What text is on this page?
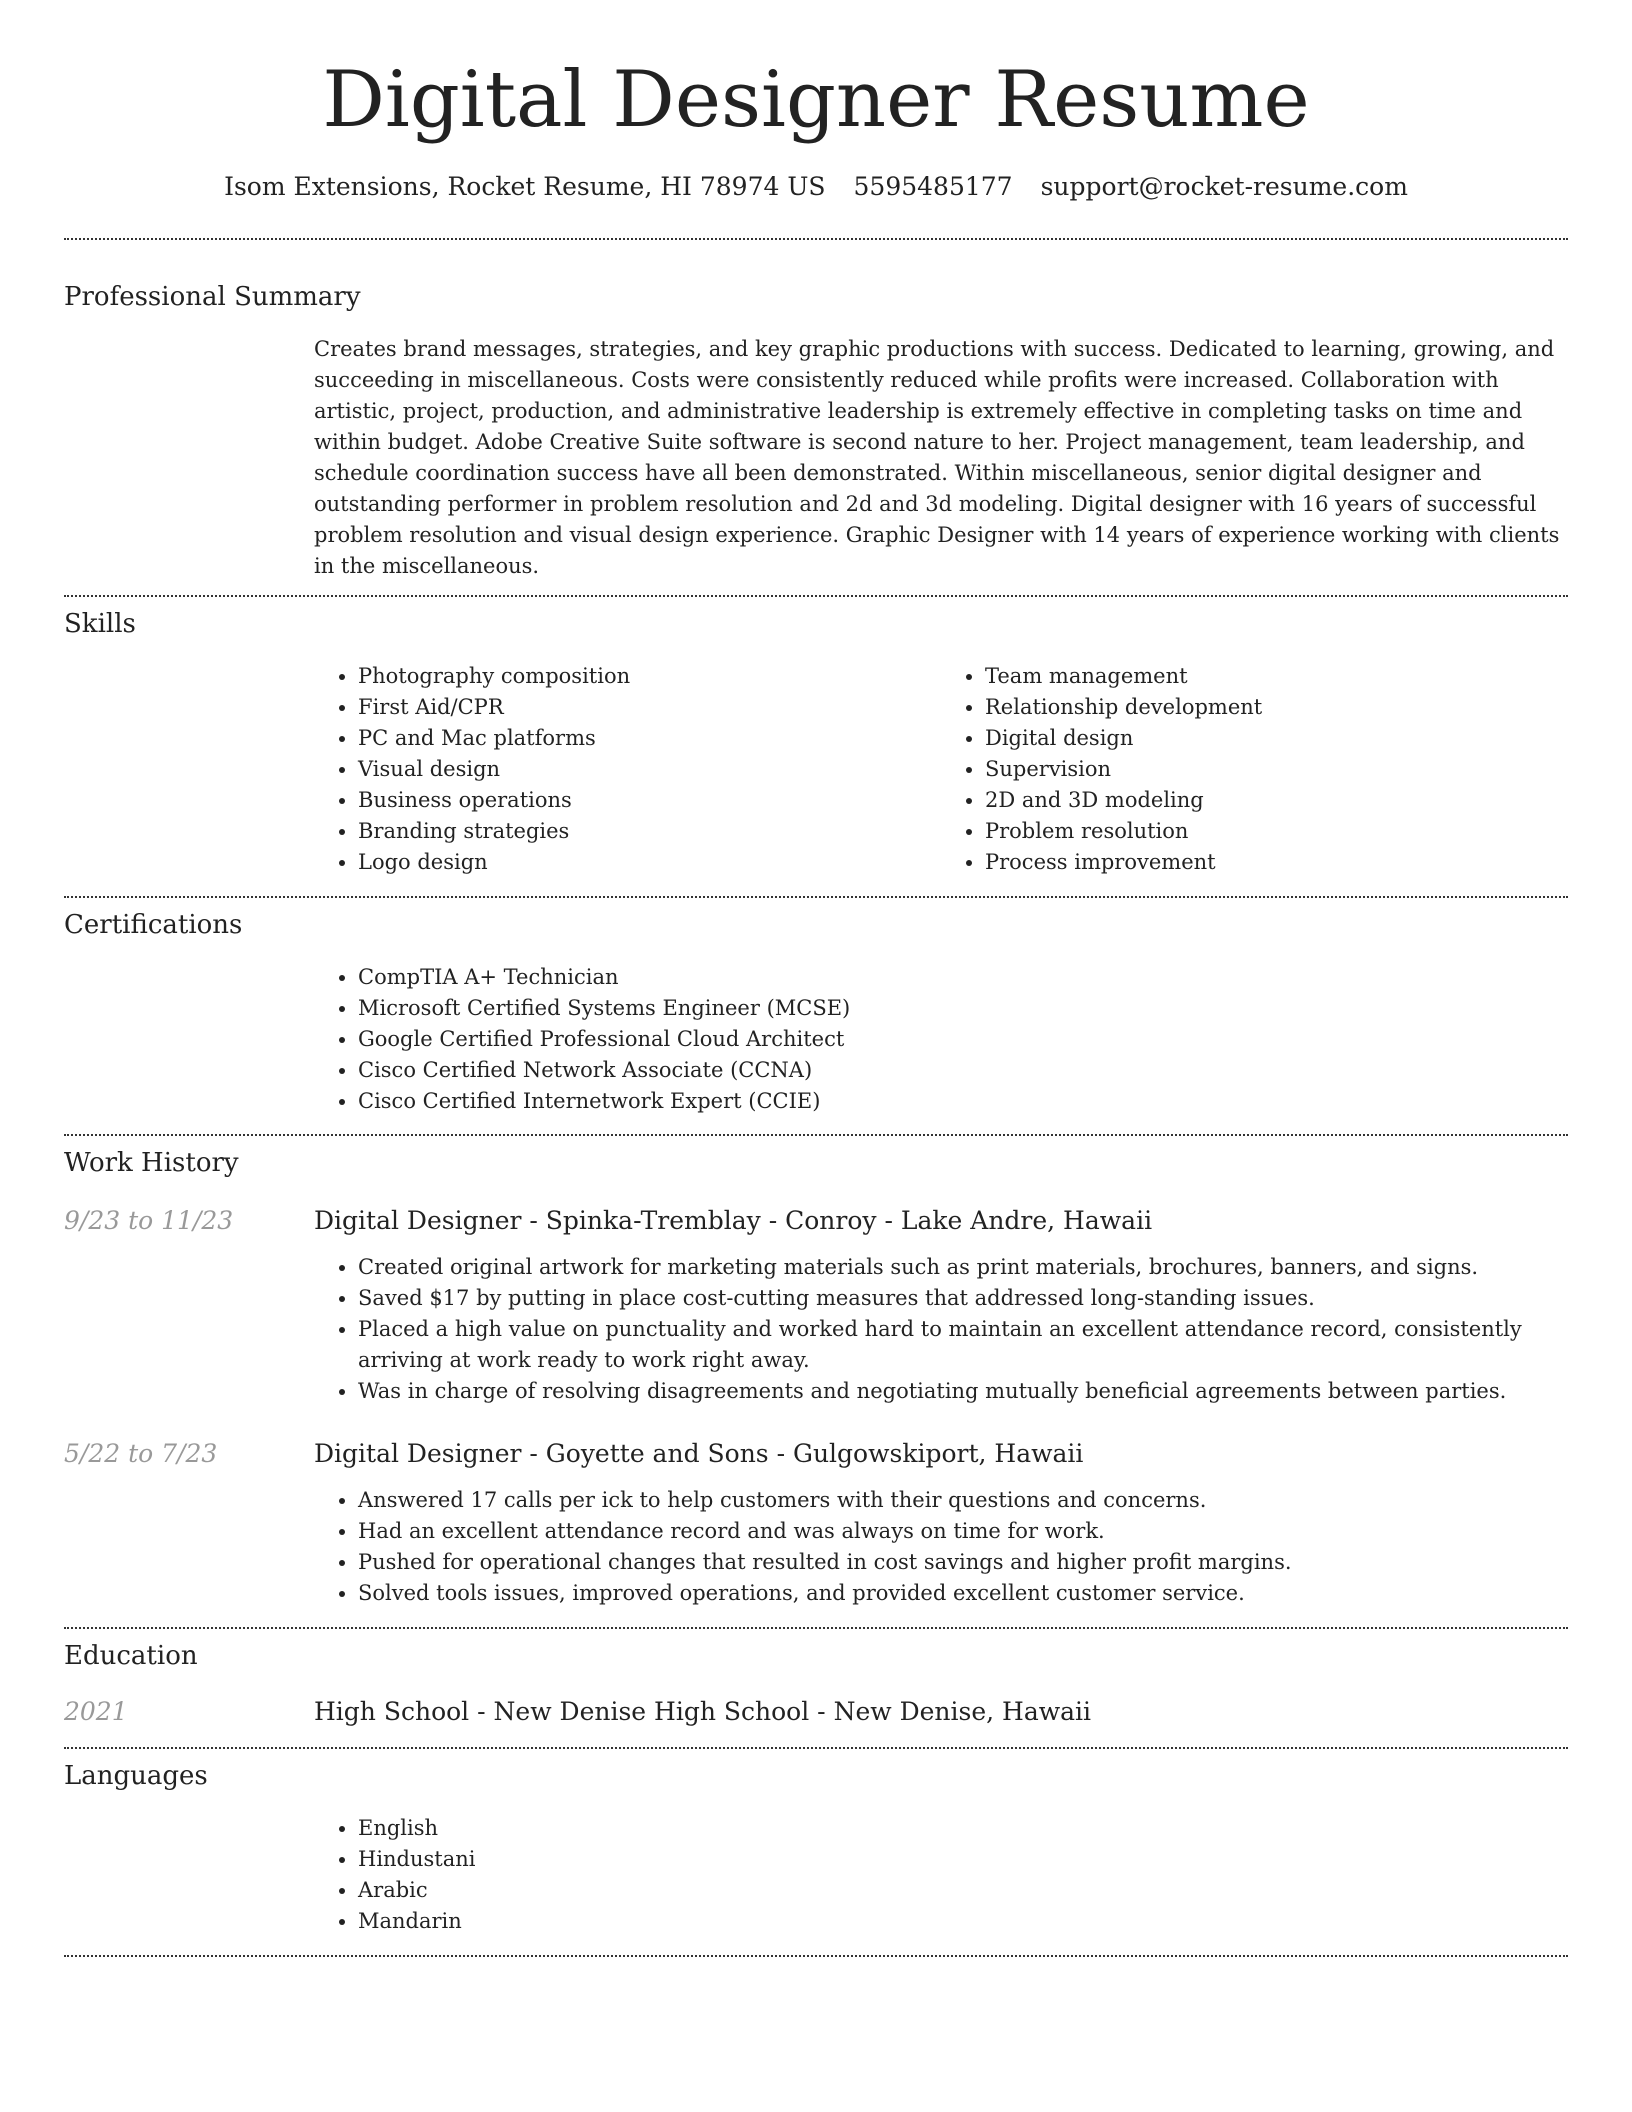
Digital Designer Resume
Isom Extensions, Rocket Resume, HI 78974 US 5595485177 support@rocket-resume.com
Professional Summary
Creates brand messages, strategies, and key graphic productions with success. Dedicated to learning, growing, and succeeding in miscellaneous. Costs were consistently reduced while profits were increased. Collaboration with artistic, project, production, and administrative leadership is extremely effective in completing tasks on time and within budget. Adobe Creative Suite software is second nature to her. Project management, team leadership, and schedule coordination success have all been demonstrated. Within miscellaneous, senior digital designer and outstanding performer in problem resolution and 2d and 3d modeling. Digital designer with 16 years of successful problem resolution and visual design experience. Graphic Designer with 14 years of experience working with clients in the miscellaneous.
Skills
• Photography composition
• First Aid/CPR
• PC and Mac platforms
• Visual design
• Business operations
• Branding strategies
• Logo design
• Team management
• Relationship development
• Digital design
• Supervision
• 2D and 3D modeling
• Problem resolution
• Process improvement
Certifications
• CompTIA A+ Technician
• Microsoft Certified Systems Engineer (MCSE)
• Google Certified Professional Cloud Architect
• Cisco Certified Network Associate (CCNA)
• Cisco Certified Internetwork Expert (CCIE)
Work History
9/23 to 11/23	Digital Designer - Spinka-Tremblay - Conroy - Lake Andre, Hawaii
• Created original artwork for marketing materials such as print materials, brochures, banners, and signs.
• Saved $17 by putting in place cost-cutting measures that addressed long-standing issues.
• Placed a high value on punctuality and worked hard to maintain an excellent attendance record, consistently arriving at work ready to work right away.
• Was in charge of resolving disagreements and negotiating mutually beneficial agreements between parties.
5/22 to 7/23	Digital Designer - Goyette and Sons - Gulgowskiport, Hawaii
• Answered 17 calls per ick to help customers with their questions and concerns.
• Had an excellent attendance record and was always on time for work.
• Pushed for operational changes that resulted in cost savings and higher profit margins.
• Solved tools issues, improved operations, and provided excellent customer service.
Education
2021	High School - New Denise High School - New Denise, Hawaii
Languages
• English
• Hindustani
• Arabic
• Mandarin
